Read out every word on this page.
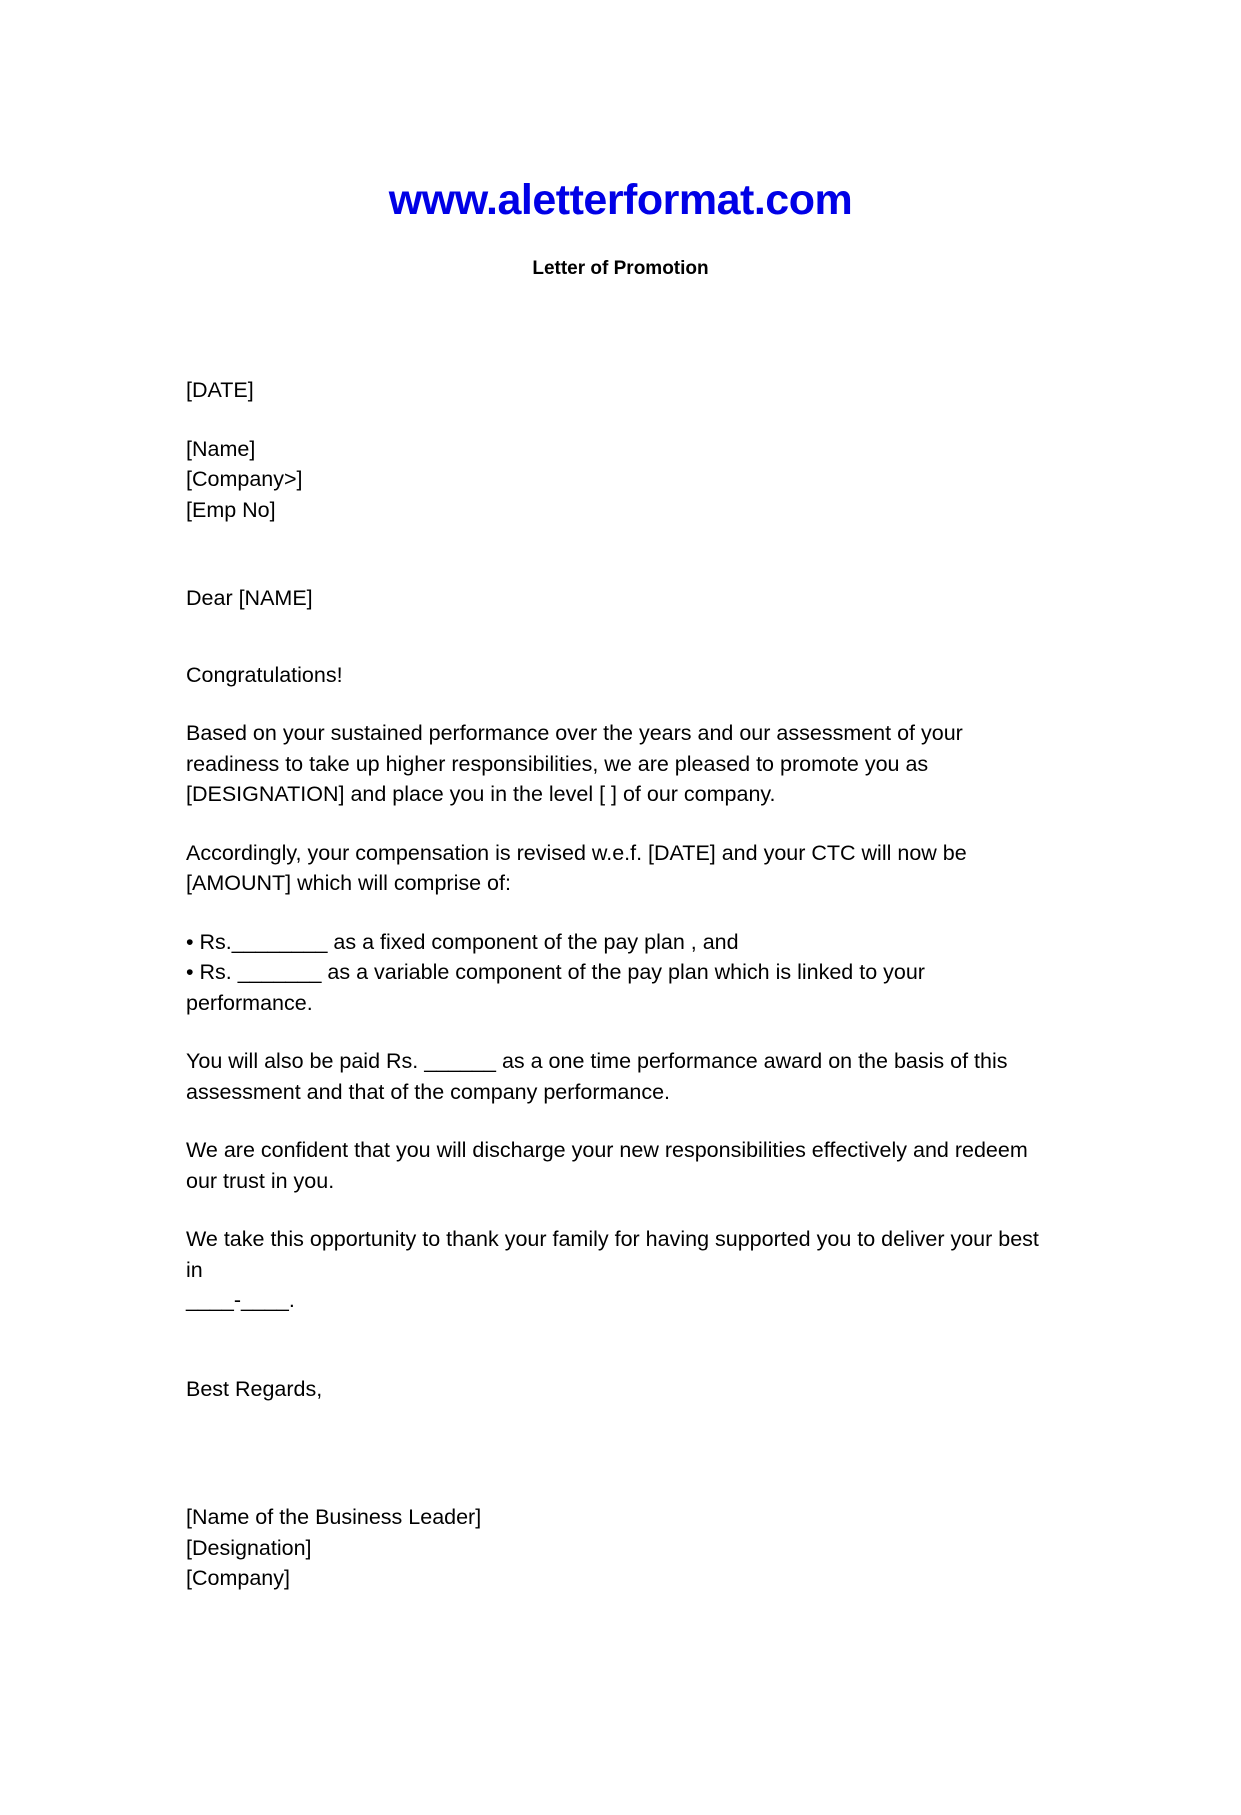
www.aletterformat.com
Letter of Promotion

[DATE]

[Name]

[Company>]

[Emp No]

Dear [NAME]

Congratulations!

Based on your sustained performance over the years and our assessment of your readiness to take up higher responsibilities, we are pleased to promote you as [DESIGNATION] and place you in the level [ ] of our company.

Accordingly, your compensation is revised w.e.f. [DATE] and your CTC will now be [AMOUNT] which will comprise of:

• Rs.________ as a fixed component of the pay plan , and

• Rs. _______ as a variable component of the pay plan which is linked to your performance.

You will also be paid Rs. ______ as a one time performance award on the basis of this assessment and that of the company performance.

We are confident that you will discharge your new responsibilities effectively and redeem our trust in you.

We take this opportunity to thank your family for having supported you to deliver your best in

____-____.

Best Regards,

[Name of the Business Leader]

[Designation]

[Company]
